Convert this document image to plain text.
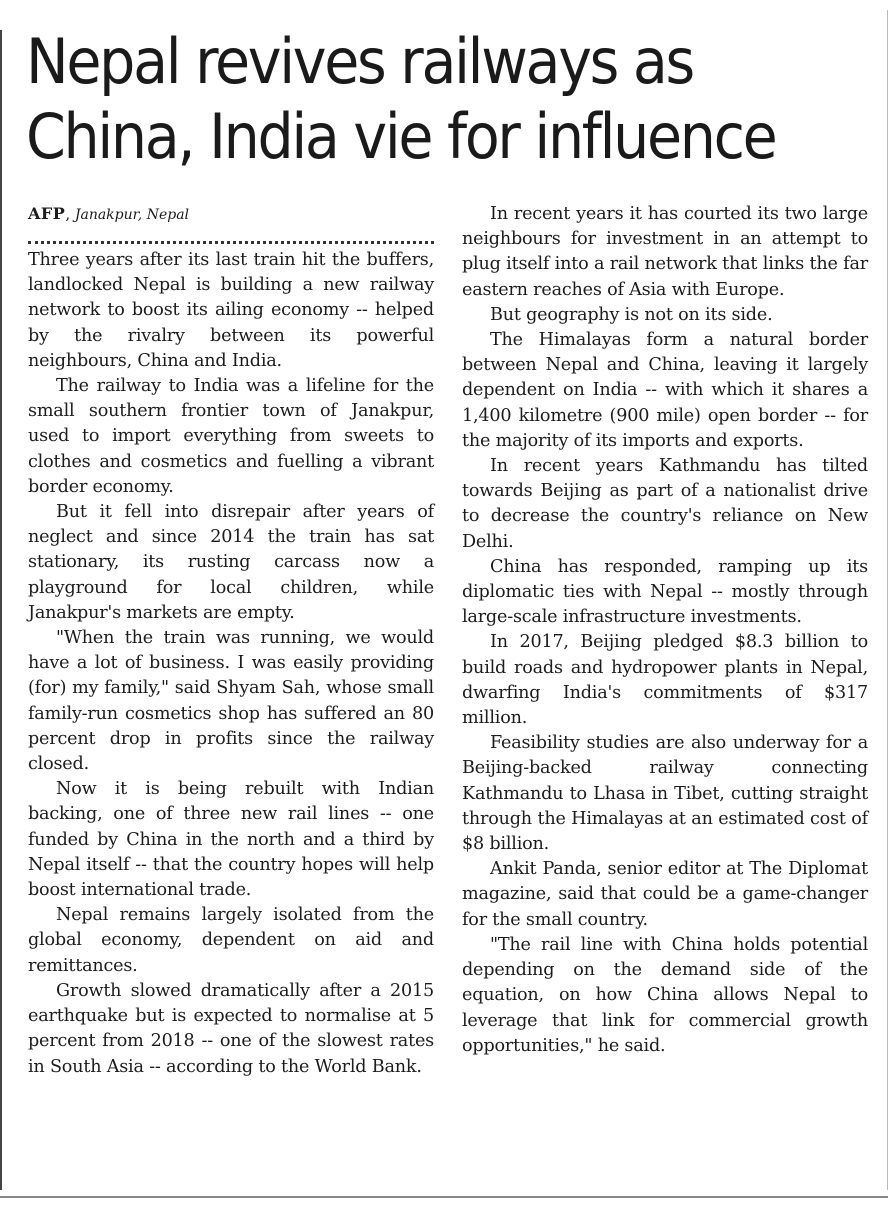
Nepal revives railways as China, India vie for influence

AFP, Janakpur, Nepal

Three years after its last train hit the buffers, landlocked Nepal is building a new railway network to boost its ailing economy -- helped by the rivalry between its powerful neighbours, China and India.

The railway to India was a lifeline for the small southern frontier town of Janakpur, used to import everything from sweets to clothes and cosmetics and fuelling a vibrant border economy.

But it fell into disrepair after years of neglect and since 2014 the train has sat stationary, its rusting carcass now a playground for local children, while Janakpur's markets are empty.

"When the train was running, we would have a lot of business. I was easily providing (for) my family," said Shyam Sah, whose small family-run cosmetics shop has suffered an 80 percent drop in profits since the railway closed.

Now it is being rebuilt with Indian backing, one of three new rail lines -- one funded by China in the north and a third by Nepal itself -- that the country hopes will help boost international trade.

Nepal remains largely isolated from the global economy, dependent on aid and remittances.

Growth slowed dramatically after a 2015 earthquake but is expected to normalise at 5 percent from 2018 -- one of the slowest rates in South Asia -- according to the World Bank.

In recent years it has courted its two large neighbours for investment in an attempt to plug itself into a rail network that links the far eastern reaches of Asia with Europe.

But geography is not on its side.

The Himalayas form a natural border between Nepal and China, leaving it largely dependent on India -- with which it shares a 1,400 kilometre (900 mile) open border -- for the majority of its imports and exports.

In recent years Kathmandu has tilted towards Beijing as part of a nationalist drive to decrease the country's reliance on New Delhi.

China has responded, ramping up its diplomatic ties with Nepal -- mostly through large-scale infrastructure investments.

In 2017, Beijing pledged $8.3 billion to build roads and hydropower plants in Nepal, dwarfing India's commitments of $317 million.

Feasibility studies are also underway for a Beijing-backed railway connecting Kathmandu to Lhasa in Tibet, cutting straight through the Himalayas at an estimated cost of $8 billion.

Ankit Panda, senior editor at The Diplomat magazine, said that could be a game-changer for the small country.

"The rail line with China holds potential depending on the demand side of the equation, on how China allows Nepal to leverage that link for commercial growth opportunities," he said.
